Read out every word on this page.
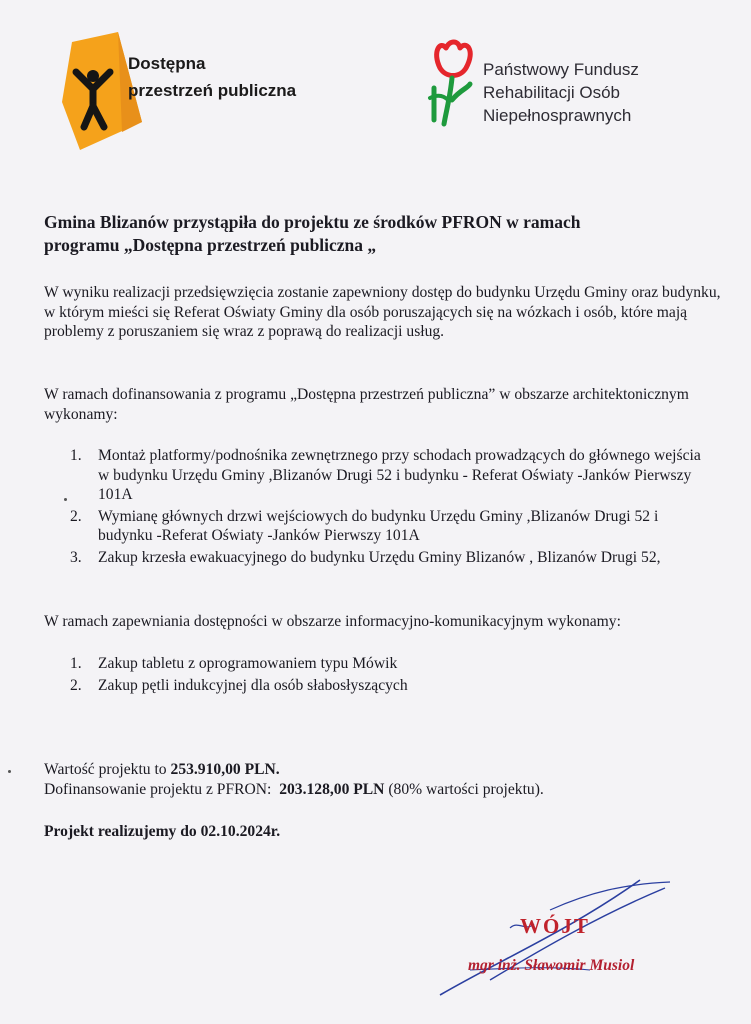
Dostępna
przestrzeń publiczna
Państwowy Fundusz
Rehabilitacji Osób
Niepełnosprawnych
Gmina Blizanów przystąpiła do projektu ze środków PFRON w ramach
programu „Dostępna przestrzeń publiczna „

W wyniku realizacji przedsięwzięcia zostanie zapewniony dostęp do budynku Urzędu Gminy oraz budynku, w którym mieści się Referat Oświaty Gminy dla osób poruszających się na wózkach i osób, które mają problemy z poruszaniem się wraz z poprawą do realizacji usług.

W ramach dofinansowania z programu „Dostępna przestrzeń publiczna” w obszarze architektonicznym wykonamy:

1. Montaż platformy/podnośnika zewnętrznego przy schodach prowadzących do głównego wejścia w budynku Urzędu Gminy ,Blizanów Drugi 52 i budynku - Referat Oświaty -Janków Pierwszy 101A
2. Wymianę głównych drzwi wejściowych do budynku Urzędu Gminy ,Blizanów Drugi 52 i budynku -Referat Oświaty -Janków Pierwszy 101A
3. Zakup krzesła ewakuacyjnego do budynku Urzędu Gminy Blizanów , Blizanów Drugi 52,

W ramach zapewniania dostępności w obszarze informacyjno-komunikacyjnym wykonamy:

1. Zakup tabletu z oprogramowaniem typu Mówik
2. Zakup pętli indukcyjnej dla osób słabosłyszących
Wartość projektu to 253.910,00 PLN.
Dofinansowanie projektu z PFRON: 203.128,00 PLN (80% wartości projektu).
Projekt realizujemy do 02.10.2024r.
WÓJT
mgr inż. Sławomir Musiol
